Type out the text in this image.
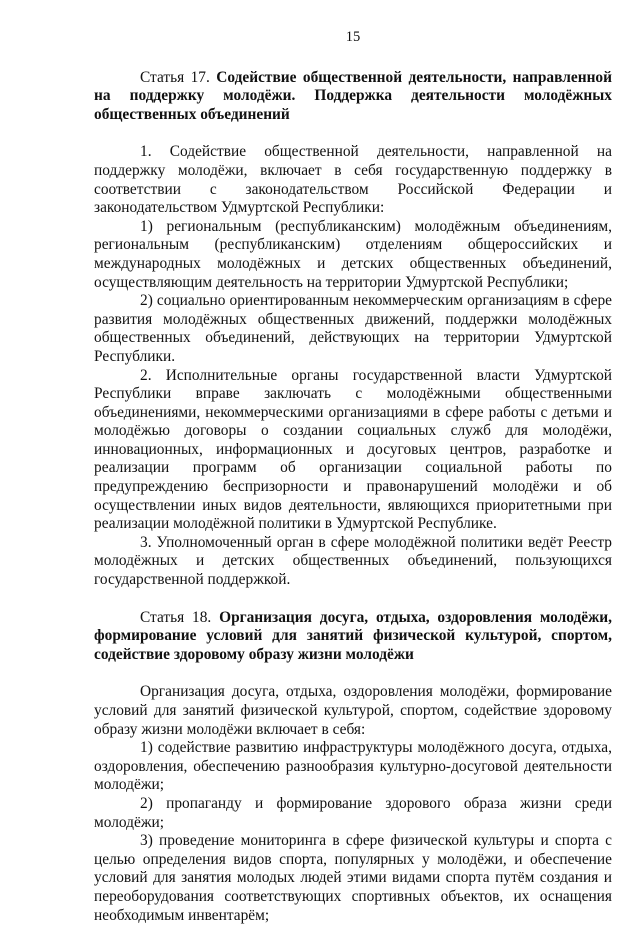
15
Статья 17. Содействие общественной деятельности, направленной на поддержку молодёжи. Поддержка деятельности молодёжных общественных объединений

1. Содействие общественной деятельности, направленной на поддержку молодёжи, включает в себя государственную поддержку в соответствии с законодательством Российской Федерации и законодательством Удмуртской Республики:

1) региональным (республиканским) молодёжным объединениям, региональным (республиканским) отделениям общероссийских и международных молодёжных и детских общественных объединений, осуществляющим деятельность на территории Удмуртской Республики;

2) социально ориентированным некоммерческим организациям в сфере развития молодёжных общественных движений, поддержки молодёжных общественных объединений, действующих на территории Удмуртской Республики.

2. Исполнительные органы государственной власти Удмуртской Республики вправе заключать с молодёжными общественными объединениями, некоммерческими организациями в сфере работы с детьми и молодёжью договоры о создании социальных служб для молодёжи, инновационных, информационных и досуговых центров, разработке и реализации программ об организации социальной работы по предупреждению беспризорности и правонарушений молодёжи и об осуществлении иных видов деятельности, являющихся приоритетными при реализации молодёжной политики в Удмуртской Республике.

3. Уполномоченный орган в сфере молодёжной политики ведёт Реестр молодёжных и детских общественных объединений, пользующихся государственной поддержкой.

Статья 18. Организация досуга, отдыха, оздоровления молодёжи, формирование условий для занятий физической культурой, спортом, содействие здоровому образу жизни молодёжи

Организация досуга, отдыха, оздоровления молодёжи, формирование условий для занятий физической культурой, спортом, содействие здоровому образу жизни молодёжи включает в себя:

1) содействие развитию инфраструктуры молодёжного досуга, отдыха, оздоровления, обеспечению разнообразия культурно-досуговой деятельности молодёжи;

2) пропаганду и формирование здорового образа жизни среди молодёжи;

3) проведение мониторинга в сфере физической культуры и спорта с целью определения видов спорта, популярных у молодёжи, и обеспечение условий для занятия молодых людей этими видами спорта путём создания и переоборудования соответствующих спортивных объектов, их оснащения необходимым инвентарём;
